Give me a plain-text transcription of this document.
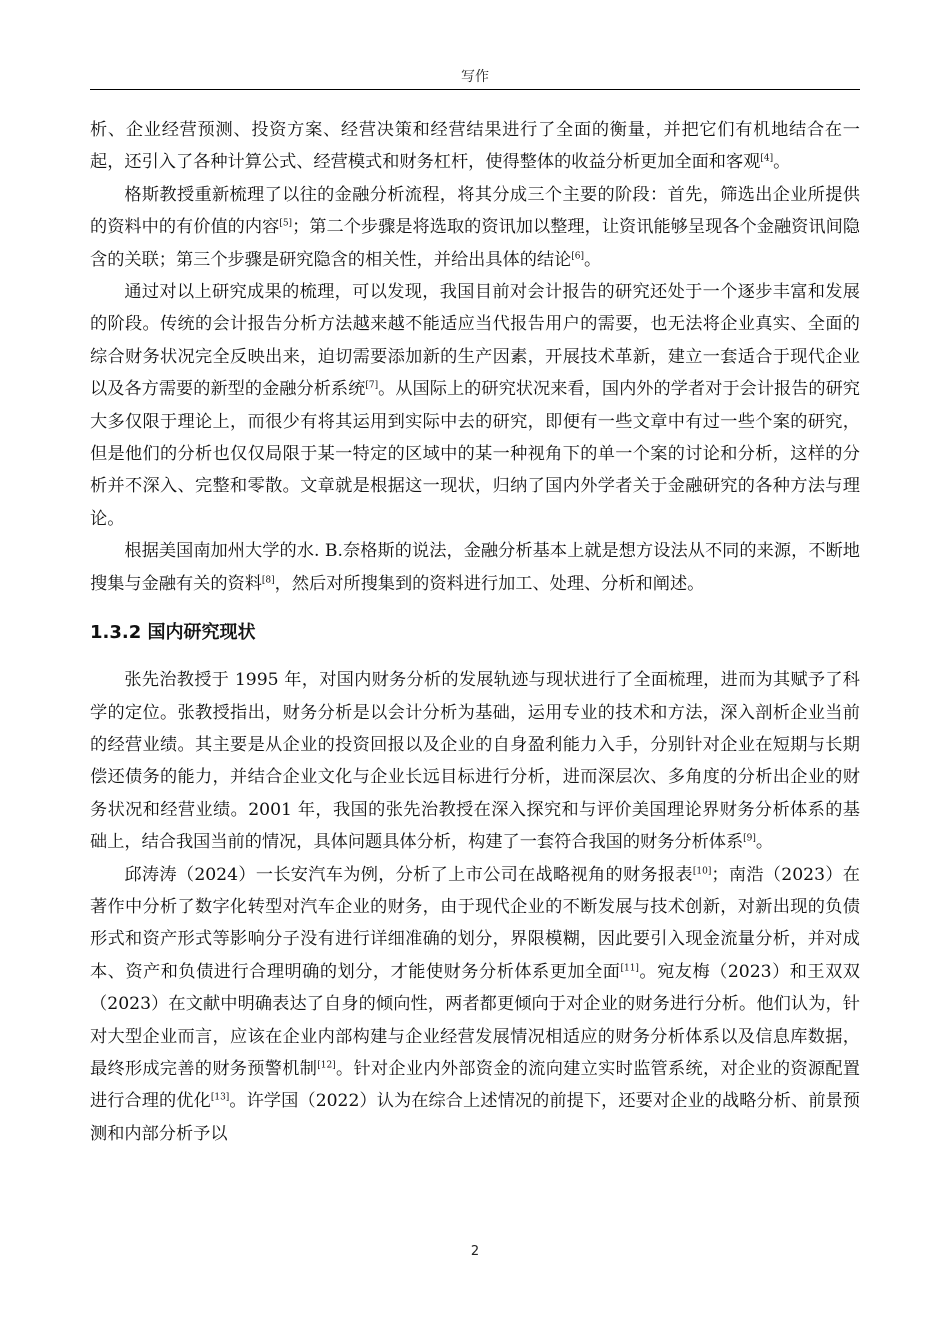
写作

析、企业经营预测、投资方案、经营决策和经营结果进行了全面的衡量，并把它们有机地结合在一起，还引入了各种计算公式、经营模式和财务杠杆，使得整体的收益分析更加全面和客观[4]。

格斯教授重新梳理了以往的金融分析流程，将其分成三个主要的阶段：首先，筛选出企业所提供的资料中的有价值的内容[5]；第二个步骤是将选取的资讯加以整理，让资讯能够呈现各个金融资讯间隐含的关联；第三个步骤是研究隐含的相关性，并给出具体的结论[6]。

通过对以上研究成果的梳理，可以发现，我国目前对会计报告的研究还处于一个逐步丰富和发展的阶段。传统的会计报告分析方法越来越不能适应当代报告用户的需要，也无法将企业真实、全面的综合财务状况完全反映出来，迫切需要添加新的生产因素，开展技术革新，建立一套适合于现代企业以及各方需要的新型的金融分析系统[7]。从国际上的研究状况来看，国内外的学者对于会计报告的研究大多仅限于理论上，而很少有将其运用到实际中去的研究，即便有一些文章中有过一些个案的研究，但是他们的分析也仅仅局限于某一特定的区域中的某一种视角下的单一个案的讨论和分析，这样的分析并不深入、完整和零散。文章就是根据这一现状，归纳了国内外学者关于金融研究的各种方法与理论。

根据美国南加州大学的水. B.奈格斯的说法，金融分析基本上就是想方设法从不同的来源，不断地搜集与金融有关的资料[8]，然后对所搜集到的资料进行加工、处理、分析和阐述。

1.3.2 国内研究现状

张先治教授于 1995 年，对国内财务分析的发展轨迹与现状进行了全面梳理，进而为其赋予了科学的定位。张教授指出，财务分析是以会计分析为基础，运用专业的技术和方法，深入剖析企业当前的经营业绩。其主要是从企业的投资回报以及企业的自身盈利能力入手，分别针对企业在短期与长期偿还债务的能力，并结合企业文化与企业长远目标进行分析，进而深层次、多角度的分析出企业的财务状况和经营业绩。2001 年，我国的张先治教授在深入探究和与评价美国理论界财务分析体系的基础上，结合我国当前的情况，具体问题具体分析，构建了一套符合我国的财务分析体系[9]。

邱涛涛（2024）一长安汽车为例，分析了上市公司在战略视角的财务报表[10]；南浩（2023）在著作中分析了数字化转型对汽车企业的财务，由于现代企业的不断发展与技术创新，对新出现的负债形式和资产形式等影响分子没有进行详细准确的划分，界限模糊，因此要引入现金流量分析，并对成本、资产和负债进行合理明确的划分，才能使财务分析体系更加全面[11]。宛友梅（2023）和王双双（2023）在文献中明确表达了自身的倾向性，两者都更倾向于对企业的财务进行分析。他们认为，针对大型企业而言，应该在企业内部构建与企业经营发展情况相适应的财务分析体系以及信息库数据，最终形成完善的财务预警机制[12]。针对企业内外部资金的流向建立实时监管系统，对企业的资源配置进行合理的优化[13]。许学国（2022）认为在综合上述情况的前提下，还要对企业的战略分析、前景预测和内部分析予以

2
